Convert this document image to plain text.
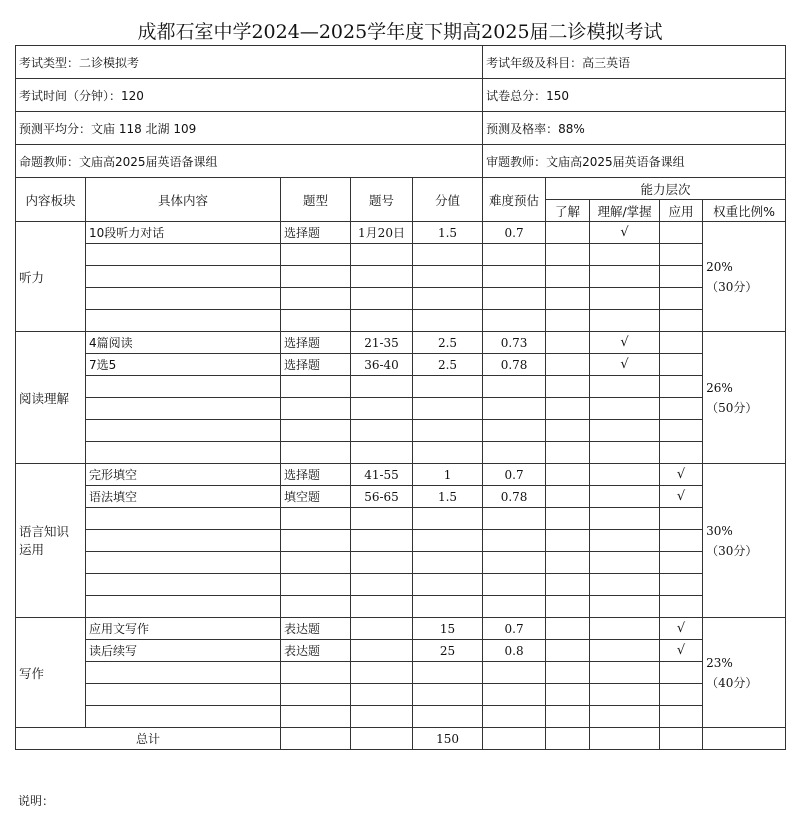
成都石室中学2024—2025学年度下期高2025届二诊模拟考试
考试类型：二诊模拟考					考试年级及科目：高三英语				
考试时间（分钟）：120					试卷总分：150				
预测平均分：文庙 118 北湖 109					预测及格率：88%				
命题教师：文庙高2025届英语备课组					审题教师：文庙高2025届英语备课组				
内容板块	具体内容	题型	题号	分值	难度预估	能力层次			
						了解	理解/掌握	应用	权重比例%
听力	10段听力对话	选择题	1月20日	1.5	0.7		√		20%
（30分）

阅读理解	4篇阅读	选择题	21-35	2.5	0.73		√		26%
（50分）

	7选5	选择题	36-40	2.5	0.78		√		

语言知识运用	完形填空	选择题	41-55	1	0.7			√	30%
（30分）

	语法填空	填空题	56-65	1.5	0.78			√	

写作	应用文写作	表达题		15	0.7			√	23%
（40分）

	读后续写	表达题		25	0.8			√	

总计				150					
说明：
